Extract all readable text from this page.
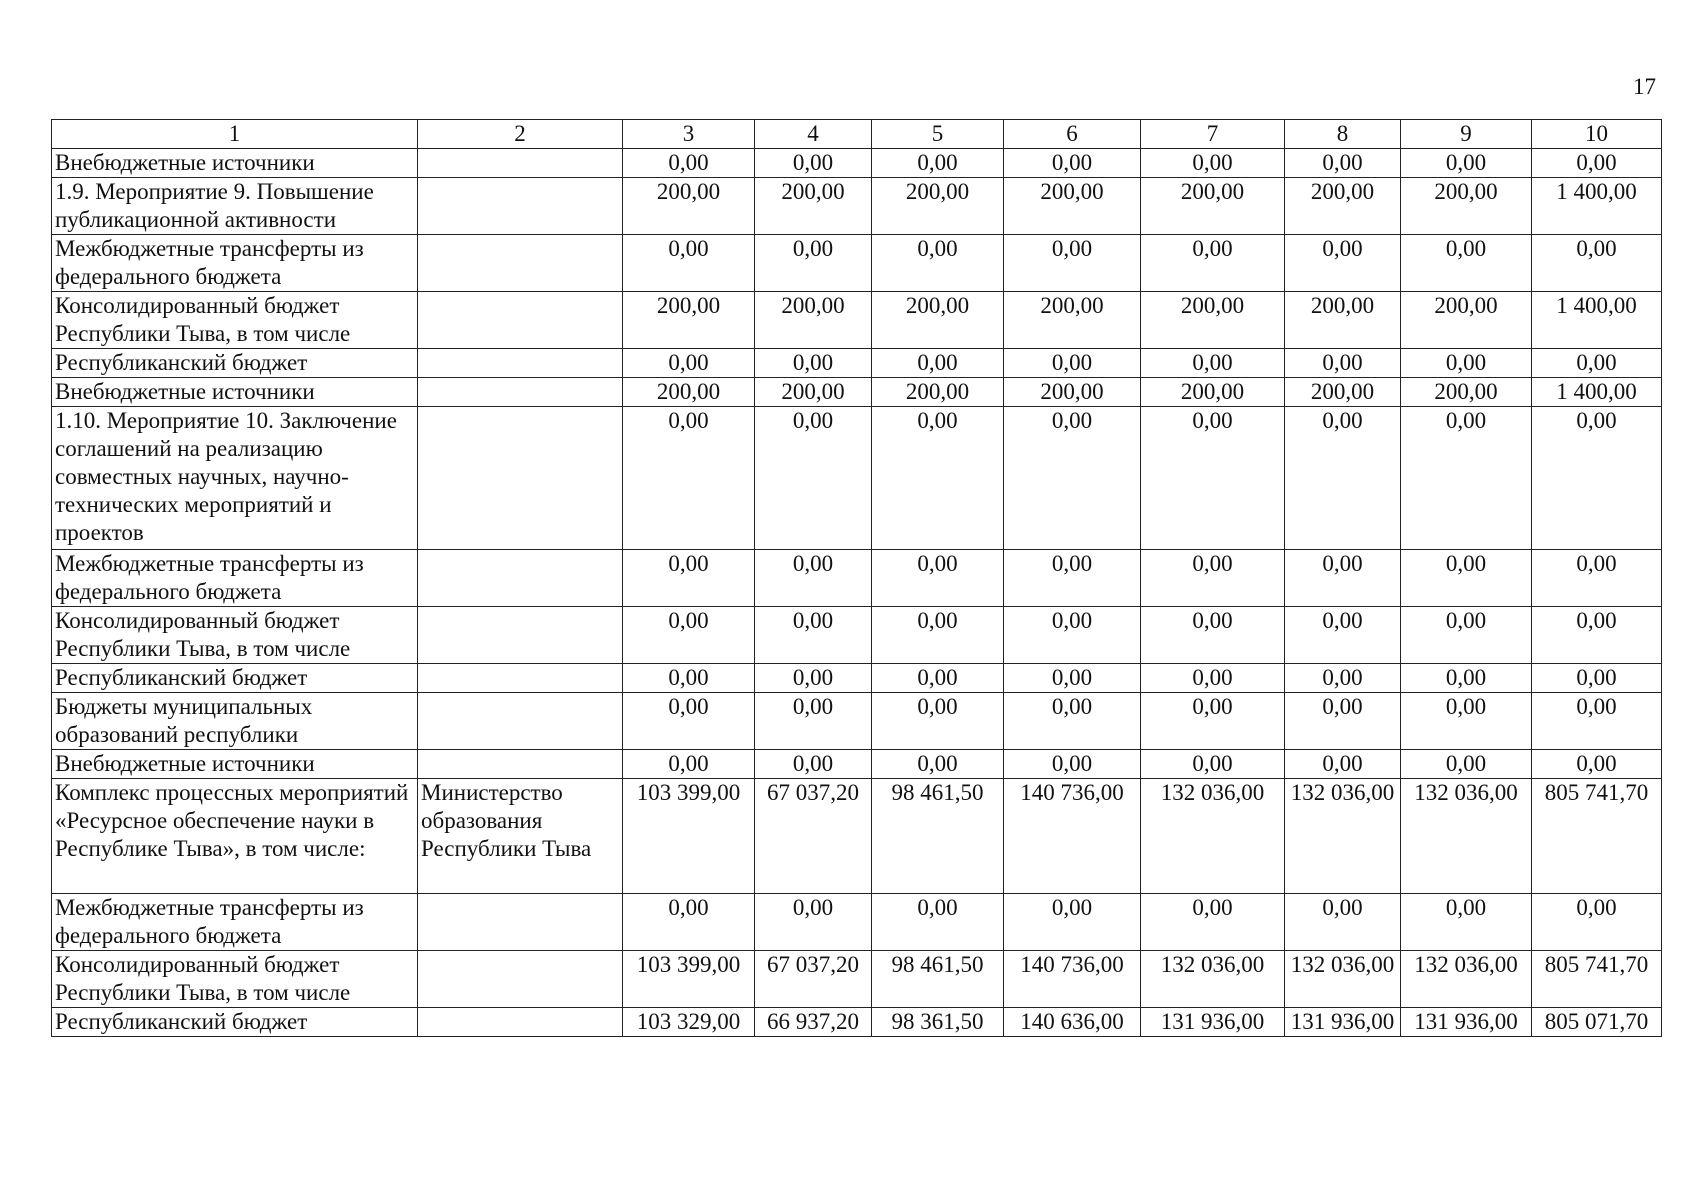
17
1	2	3	4	5	6	7	8	9	10
Внебюджетные источники		0,00	0,00	0,00	0,00	0,00	0,00	0,00	0,00
1.9. Мероприятие 9. Повышение публикационной активности		200,00	200,00	200,00	200,00	200,00	200,00	200,00	1 400,00
Межбюджетные трансферты из федерального бюджета		0,00	0,00	0,00	0,00	0,00	0,00	0,00	0,00
Консолидированный бюджет Республики Тыва, в том числе		200,00	200,00	200,00	200,00	200,00	200,00	200,00	1 400,00
Республиканский бюджет		0,00	0,00	0,00	0,00	0,00	0,00	0,00	0,00
Внебюджетные источники		200,00	200,00	200,00	200,00	200,00	200,00	200,00	1 400,00
1.10. Мероприятие 10. Заключение соглашений на реализацию совместных научных, научно-технических мероприятий и проектов		0,00	0,00	0,00	0,00	0,00	0,00	0,00	0,00
Межбюджетные трансферты из федерального бюджета		0,00	0,00	0,00	0,00	0,00	0,00	0,00	0,00
Консолидированный бюджет Республики Тыва, в том числе		0,00	0,00	0,00	0,00	0,00	0,00	0,00	0,00
Республиканский бюджет		0,00	0,00	0,00	0,00	0,00	0,00	0,00	0,00
Бюджеты муниципальных образований республики		0,00	0,00	0,00	0,00	0,00	0,00	0,00	0,00
Внебюджетные источники		0,00	0,00	0,00	0,00	0,00	0,00	0,00	0,00
Комплекс процессных мероприятий «Ресурсное обеспечение науки в Республике Тыва», в том числе:	Министерство образования Республики Тыва	103 399,00	67 037,20	98 461,50	140 736,00	132 036,00	132 036,00	132 036,00	805 741,70
Межбюджетные трансферты из федерального бюджета		0,00	0,00	0,00	0,00	0,00	0,00	0,00	0,00
Консолидированный бюджет Республики Тыва, в том числе		103 399,00	67 037,20	98 461,50	140 736,00	132 036,00	132 036,00	132 036,00	805 741,70
Республиканский бюджет		103 329,00	66 937,20	98 361,50	140 636,00	131 936,00	131 936,00	131 936,00	805 071,70
